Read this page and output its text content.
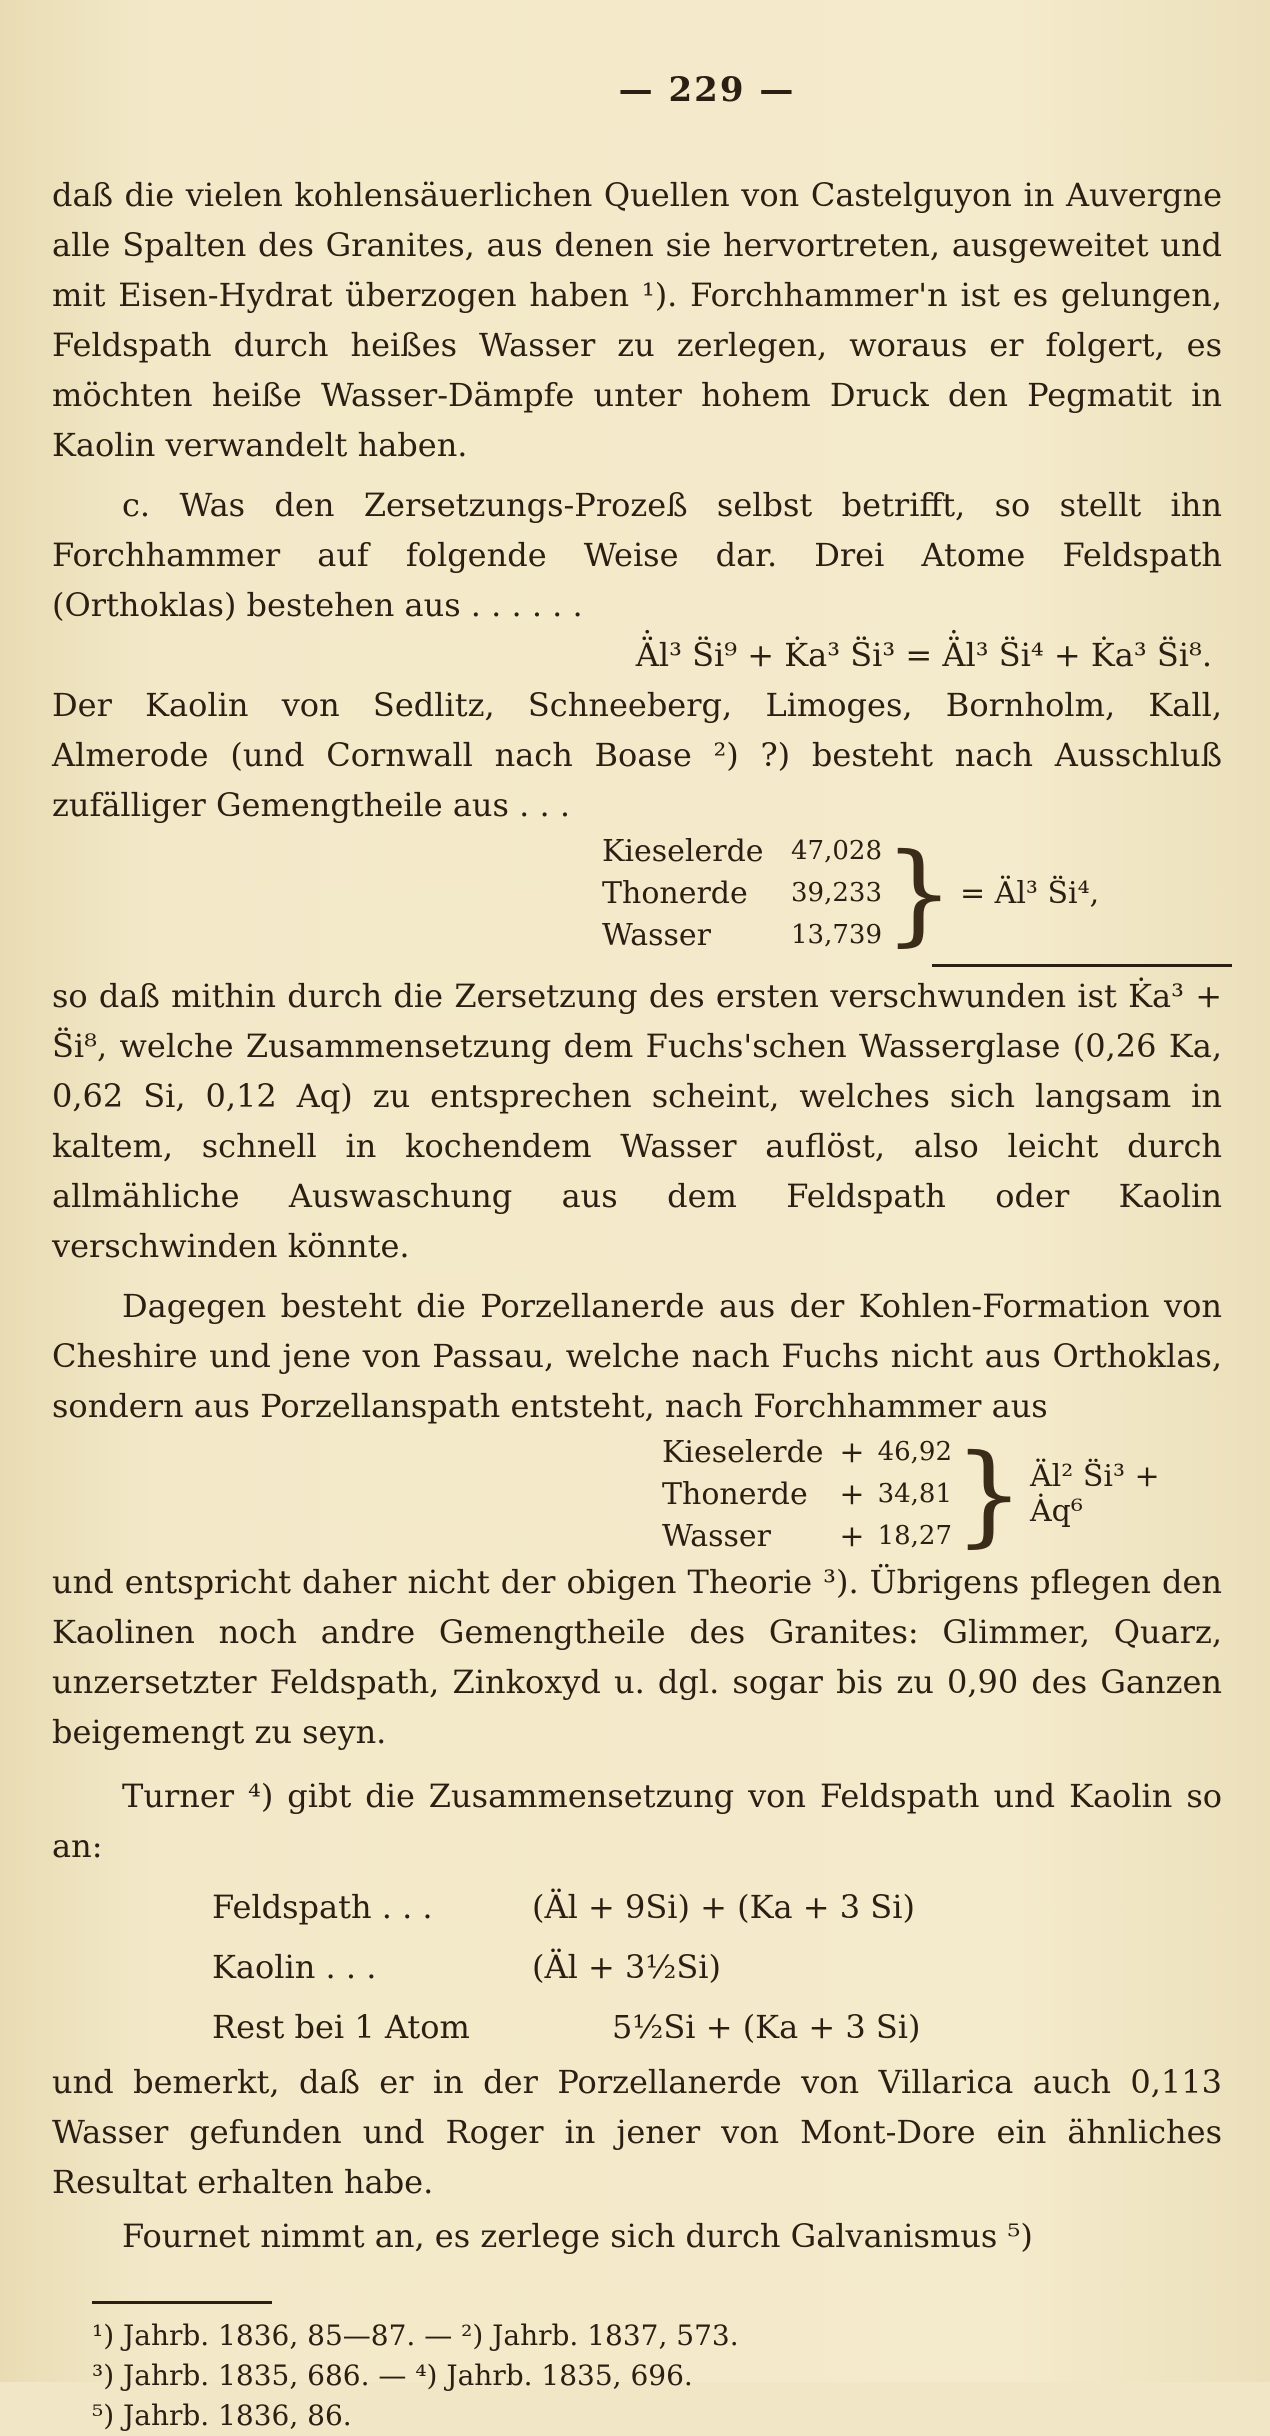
— 229 —

daß die vielen kohlensäuerlichen Quellen von Castelguyon in Auvergne alle Spalten des Granites, aus denen sie hervortreten, ausgeweitet und mit Eisen-Hydrat überzogen haben ¹). Forchhammer'n ist es gelungen, Feldspath durch heißes Wasser zu zerlegen, woraus er folgert, es möchten heiße Wasser-Dämpfe unter hohem Druck den Pegmatit in Kaolin verwandelt haben.

c. Was den Zersetzungs-Prozeß selbst betrifft, so stellt ihn Forchhammer auf folgende Weise dar. Drei Atome Feldspath (Orthoklas) bestehen aus . . . . . .

Ä̇l³ S̈i⁹ + K̇a³ S̈i³ = Ä̇l³ S̈i⁴ + K̇a³ S̈i⁸.

Der Kaolin von Sedlitz, Schneeberg, Limoges, Bornholm, Kall, Almerode (und Cornwall nach Boase ²) ?) besteht nach Ausschluß zufälliger Gemengtheile aus . . .

Kieselerde	47,028
Thonerde	39,233
Wasser	13,739 } = Äl³ S̈i⁴,

so daß mithin durch die Zersetzung des ersten verschwunden ist K̇a³ + S̈i⁸, welche Zusammensetzung dem Fuchs'schen Wasserglase (0,26 Ka, 0,62 Si, 0,12 Aq) zu entsprechen scheint, welches sich langsam in kaltem, schnell in kochendem Wasser auflöst, also leicht durch allmähliche Auswaschung aus dem Feldspath oder Kaolin verschwinden könnte.

Dagegen besteht die Porzellanerde aus der Kohlen-Formation von Cheshire und jene von Passau, welche nach Fuchs nicht aus Orthoklas, sondern aus Porzellanspath entsteht, nach Forchhammer aus

Kieselerde + 46,92
Thonerde	+ 34,81
Wasser	+ 18,27 } Äl² S̈i³ + Ȧq⁶

und entspricht daher nicht der obigen Theorie ³). Übrigens pflegen den Kaolinen noch andre Gemengtheile des Granites: Glimmer, Quarz, unzersetzter Feldspath, Zinkoxyd u. dgl. sogar bis zu 0,90 des Ganzen beigemengt zu seyn.

Turner ⁴) gibt die Zusammensetzung von Feldspath und Kaolin so an:

Feldspath . . .	(Äl + 9Si) + (Ka + 3 Si)
Kaolin . . .	(Äl + 3½Si)
Rest bei 1 Atom	5½Si + (Ka + 3 Si)

und bemerkt, daß er in der Porzellanerde von Villarica auch 0,113 Wasser gefunden und Roger in jener von Mont-Dore ein ähnliches Resultat erhalten habe.

Fournet nimmt an, es zerlege sich durch Galvanismus ⁵)

¹) Jahrb. 1836, 85—87. — ²) Jahrb. 1837, 573.

³) Jahrb. 1835, 686. — ⁴) Jahrb. 1835, 696.

⁵) Jahrb. 1836, 86.
